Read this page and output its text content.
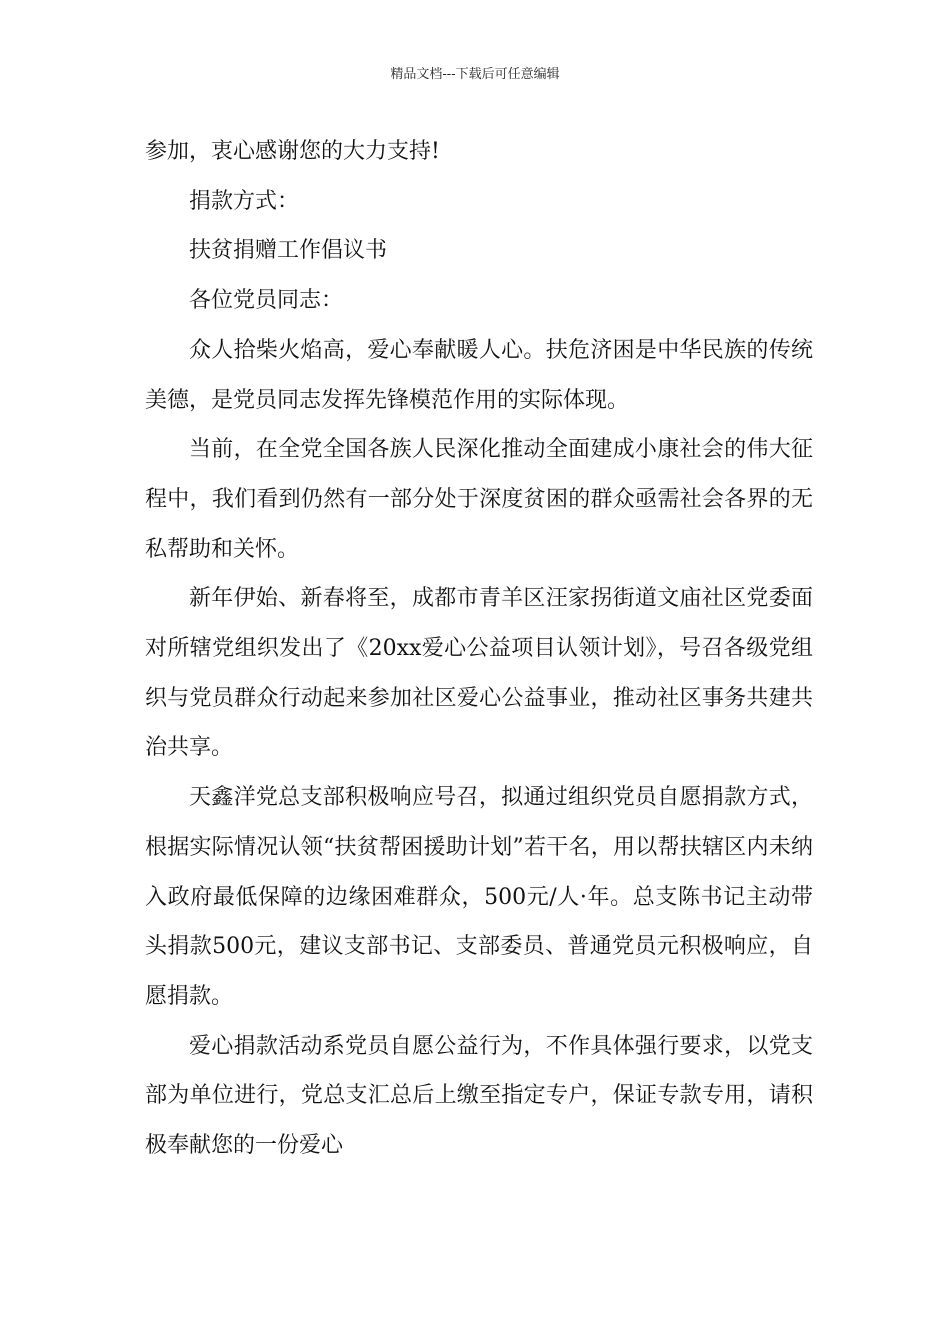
精品文档---下载后可任意编辑

参加，衷心感谢您的大力支持!

捐款方式：

扶贫捐赠工作倡议书

各位党员同志：

众人拾柴火焰高，爱心奉献暖人心。扶危济困是中华民族的传统美德，是党员同志发挥先锋模范作用的实际体现。

当前，在全党全国各族人民深化推动全面建成小康社会的伟大征程中，我们看到仍然有一部分处于深度贫困的群众亟需社会各界的无私帮助和关怀。

新年伊始、新春将至，成都市青羊区汪家拐街道文庙社区党委面对所辖党组织发出了《20xx爱心公益项目认领计划》，号召各级党组织与党员群众行动起来参加社区爱心公益事业，推动社区事务共建共治共享。

天鑫洋党总支部积极响应号召，拟通过组织党员自愿捐款方式，根据实际情况认领“扶贫帮困援助计划”若干名，用以帮扶辖区内未纳入政府最低保障的边缘困难群众，500元/人·年。总支陈书记主动带头捐款500元，建议支部书记、支部委员、普通党员元积极响应，自愿捐款。

爱心捐款活动系党员自愿公益行为，不作具体强行要求，以党支部为单位进行，党总支汇总后上缴至指定专户，保证专款专用，请积极奉献您的一份爱心
